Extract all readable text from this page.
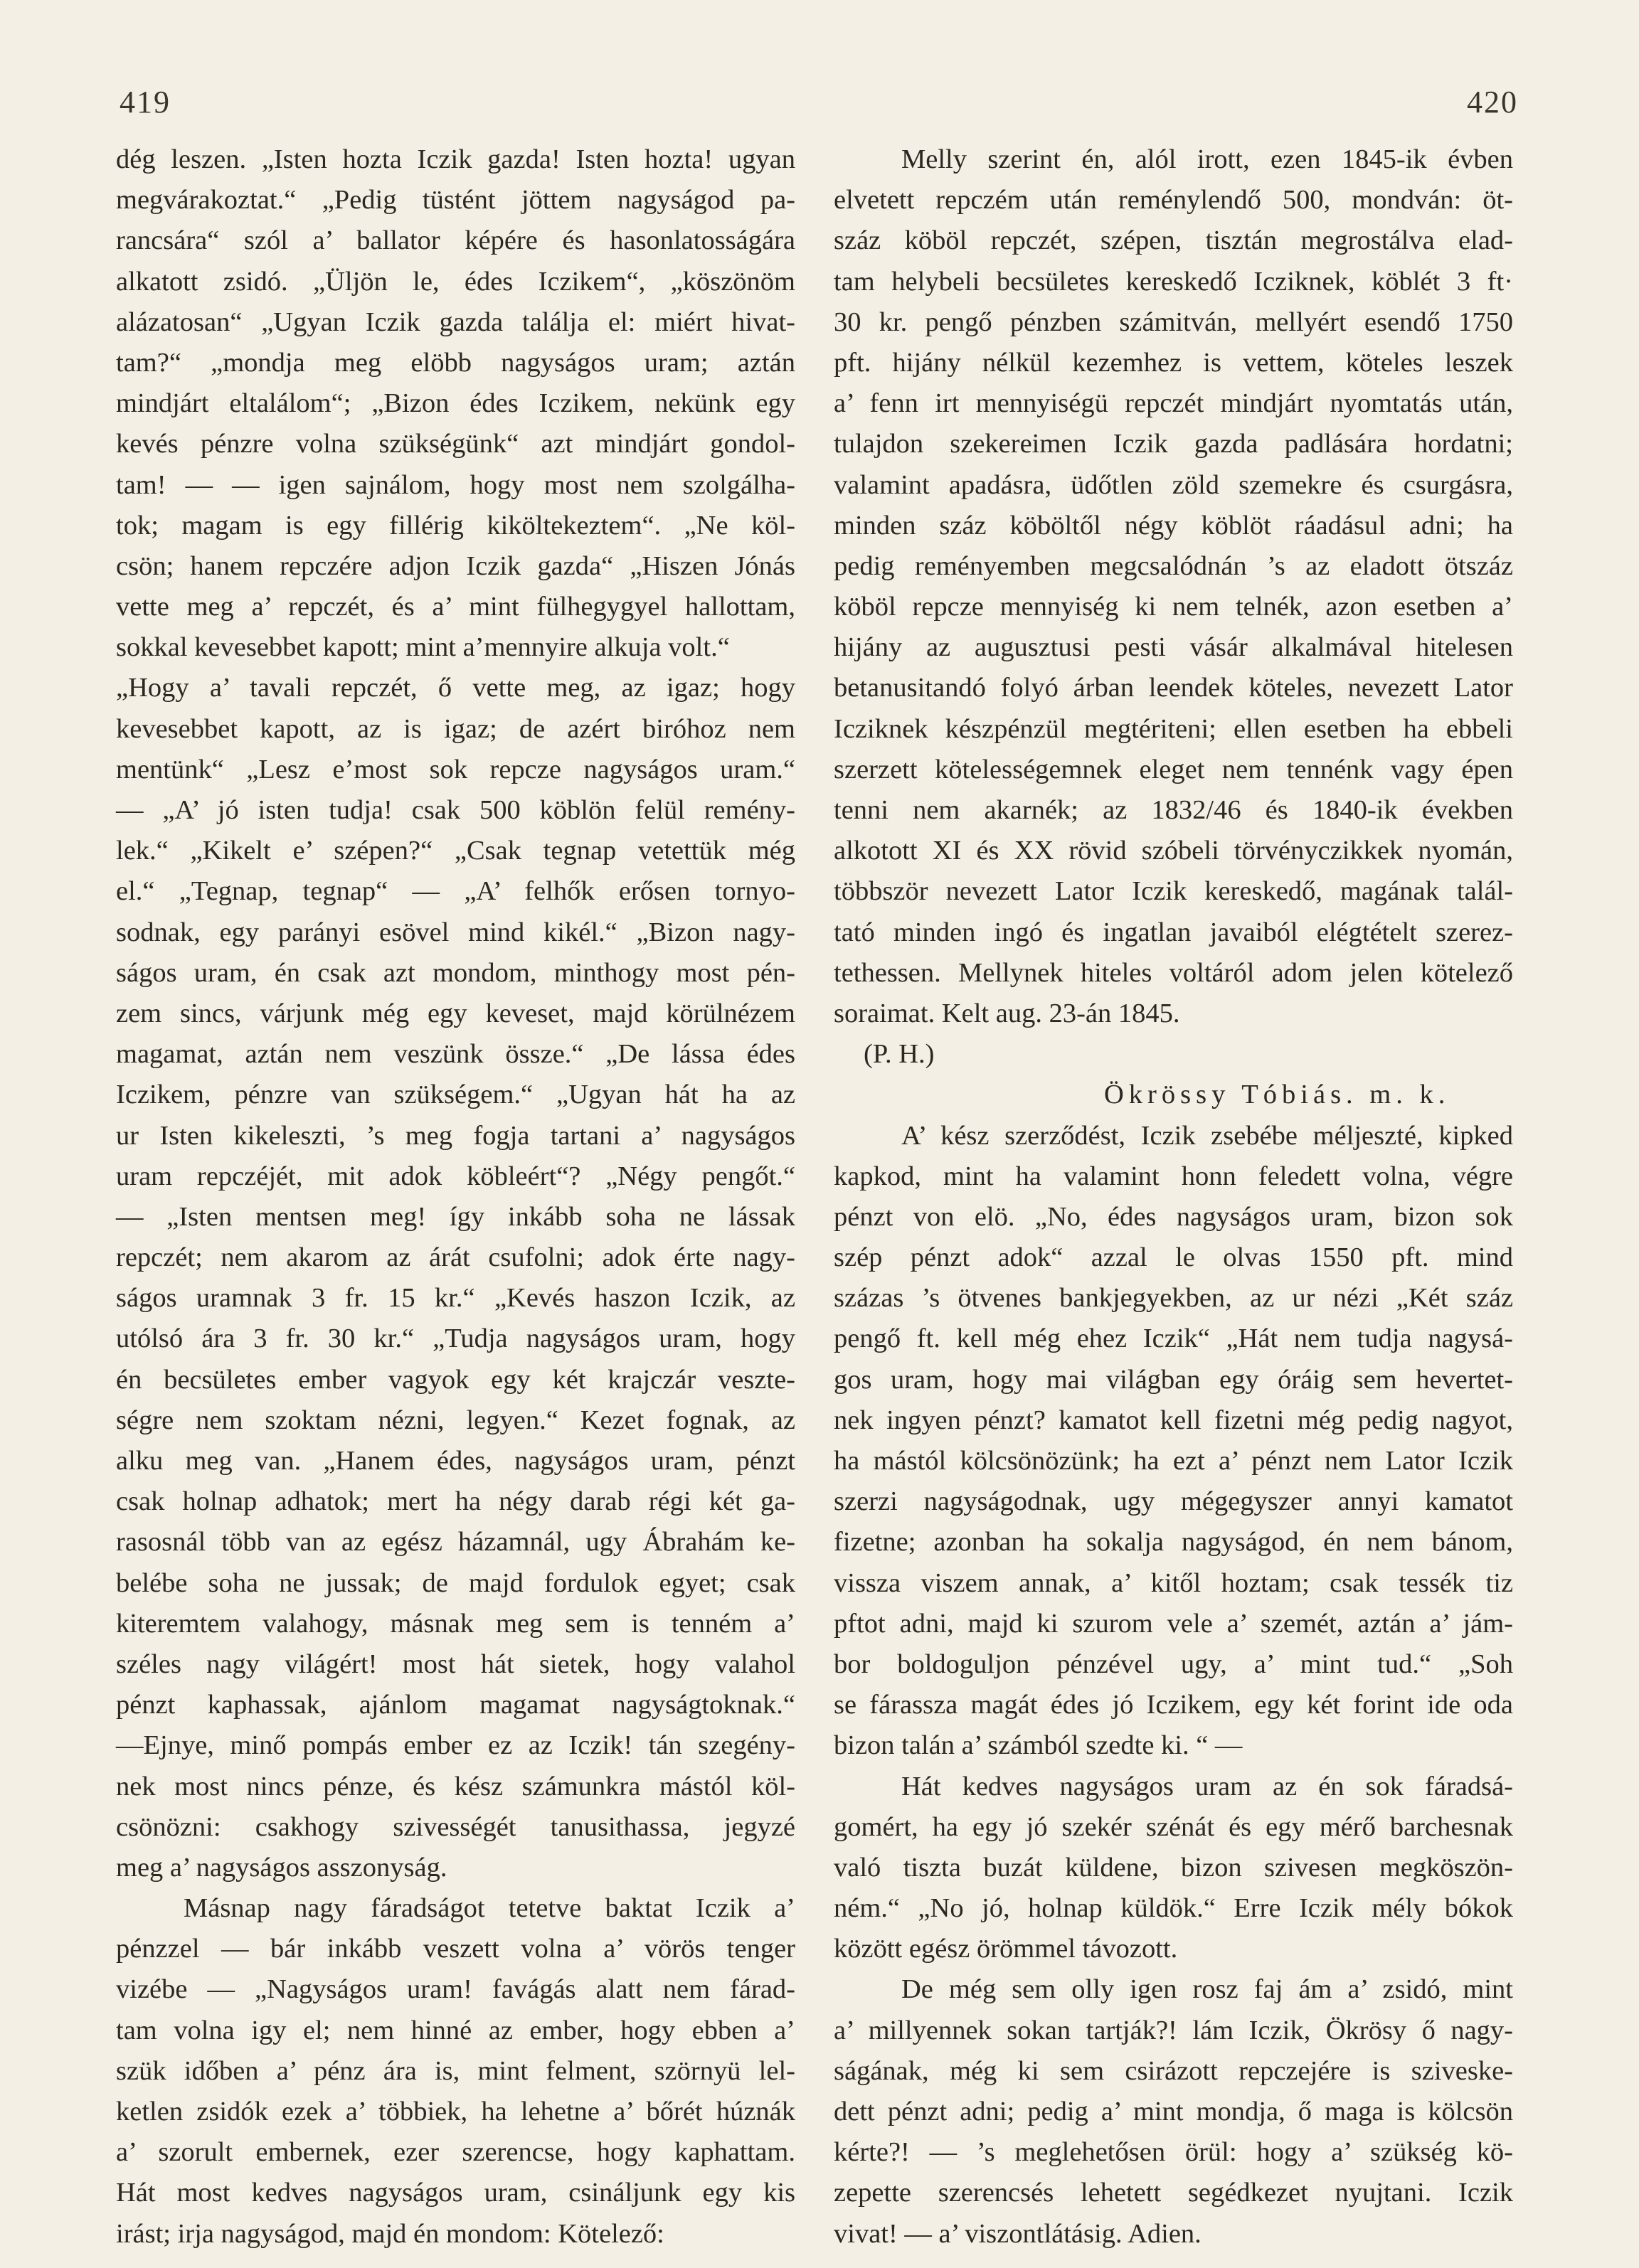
419	420
dég leszen. „Isten hozta Iczik gazda! Isten hozta! ugyan
megvárakoztat.“ „Pedig tüstént jöttem nagyságod pa-
rancsára“ szól a’ ballator képére és hasonlatosságára
alkatott zsidó. „Üljön le, édes Iczikem“, „köszönöm
alázatosan“ „Ugyan Iczik gazda találja el: miért hivat-
tam?“ „mondja meg elöbb nagyságos uram; aztán
mindjárt eltalálom“; „Bizon édes Iczikem, nekünk egy
kevés pénzre volna szükségünk“ azt mindjárt gondol-
tam! — — igen sajnálom, hogy most nem szolgálha-
tok; magam is egy fillérig kiköltekeztem“. „Ne köl-
csön; hanem repczére adjon Iczik gazda“ „Hiszen Jónás
vette meg a’ repczét, és a’ mint fülhegygyel hallottam,
sokkal kevesebbet kapott; mint a’mennyire alkuja volt.“
„Hogy a’ tavali repczét, ő vette meg, az igaz; hogy
kevesebbet kapott, az is igaz; de azért biróhoz nem
mentünk“ „Lesz e’most sok repcze nagyságos uram.“
— „A’ jó isten tudja! csak 500 köblön felül remény-
lek.“ „Kikelt e’ szépen?“ „Csak tegnap vetettük még
el.“ „Tegnap, tegnap“ — „A’ felhők erősen tornyo-
sodnak, egy parányi esövel mind kikél.“ „Bizon nagy-
ságos uram, én csak azt mondom, minthogy most pén-
zem sincs, várjunk még egy keveset, majd körülnézem
magamat, aztán nem veszünk össze.“ „De lássa édes
Iczikem, pénzre van szükségem.“ „Ugyan hát ha az
ur Isten kikeleszti, ’s meg fogja tartani a’ nagyságos
uram repczéjét, mit adok köbleért“? „Négy pengőt.“
— „Isten mentsen meg! így inkább soha ne lássak
repczét; nem akarom az árát csufolni; adok érte nagy-
ságos uramnak 3 fr. 15 kr.“ „Kevés haszon Iczik, az
utólsó ára 3 fr. 30 kr.“ „Tudja nagyságos uram, hogy
én becsületes ember vagyok egy két krajczár veszte-
ségre nem szoktam nézni, legyen.“ Kezet fognak, az
alku meg van. „Hanem édes, nagyságos uram, pénzt
csak holnap adhatok; mert ha négy darab régi két ga-
rasosnál több van az egész házamnál, ugy Ábrahám ke-
belébe soha ne jussak; de majd fordulok egyet; csak
kiteremtem valahogy, másnak meg sem is tenném a’
széles nagy világért! most hát sietek, hogy valahol
pénzt kaphassak, ajánlom magamat nagyságtoknak.“
—Ejnye, minő pompás ember ez az Iczik! tán szegény-
nek most nincs pénze, és kész számunkra mástól köl-
csönözni: csakhogy szivességét tanusithassa, jegyzé
meg a’ nagyságos asszonyság.
Másnap nagy fáradságot tetetve baktat Iczik a’
pénzzel — bár inkább veszett volna a’ vörös tenger
vizébe — „Nagyságos uram! favágás alatt nem fárad-
tam volna igy el; nem hinné az ember, hogy ebben a’
szük időben a’ pénz ára is, mint felment, szörnyü lel-
ketlen zsidók ezek a’ többiek, ha lehetne a’ bőrét húznák
a’ szorult embernek, ezer szerencse, hogy kaphattam.
Hát most kedves nagyságos uram, csináljunk egy kis
irást; irja nagyságod, majd én mondom: Kötelező:
Melly szerint én, alól irott, ezen 1845-ik évben
elvetett repczém után reménylendő 500, mondván: öt-
száz köböl repczét, szépen, tisztán megrostálva elad-
tam helybeli becsületes kereskedő Icziknek, köblét 3 ft·
30 kr. pengő pénzben számitván, mellyért esendő 1750
pft. hijány nélkül kezemhez is vettem, köteles leszek
a’ fenn irt mennyiségü repczét mindjárt nyomtatás után,
tulajdon szekereimen Iczik gazda padlására hordatni;
valamint apadásra, üdőtlen zöld szemekre és csurgásra,
minden száz köböltől négy köblöt ráadásul adni; ha
pedig reményemben megcsalódnán ’s az eladott ötszáz
köböl repcze mennyiség ki nem telnék, azon esetben a’
hijány az augusztusi pesti vásár alkalmával hitelesen
betanusitandó folyó árban leendek köteles, nevezett Lator
Icziknek készpénzül megtériteni; ellen esetben ha ebbeli
szerzett kötelességemnek eleget nem tennénk vagy épen
tenni nem akarnék; az 1832/46 és 1840-ik években
alkotott XI és XX rövid szóbeli törvényczikkek nyomán,
többször nevezett Lator Iczik kereskedő, magának talál-
tató minden ingó és ingatlan javaiból elégtételt szerez-
tethessen. Mellynek hiteles voltáról adom jelen kötelező
soraimat. Kelt aug. 23-án 1845.
(P. H.)
Ökrössy Tóbiás. m. k.
A’ kész szerződést, Iczik zsebébe méljeszté, kipked
kapkod, mint ha valamint honn feledett volna, végre
pénzt von elö. „No, édes nagyságos uram, bizon sok
szép pénzt adok“ azzal le olvas 1550 pft. mind
százas ’s ötvenes bankjegyekben, az ur nézi „Két száz
pengő ft. kell még ehez Iczik“ „Hát nem tudja nagysá-
gos uram, hogy mai világban egy óráig sem hevertet-
nek ingyen pénzt? kamatot kell fizetni még pedig nagyot,
ha mástól kölcsönözünk; ha ezt a’ pénzt nem Lator Iczik
szerzi nagyságodnak, ugy mégegyszer annyi kamatot
fizetne; azonban ha sokalja nagyságod, én nem bánom,
vissza viszem annak, a’ kitől hoztam; csak tessék tiz
pftot adni, majd ki szurom vele a’ szemét, aztán a’ jám-
bor boldoguljon pénzével ugy, a’ mint tud.“ „Soh
se fárassza magát édes jó Iczikem, egy két forint ide oda
bizon talán a’ számból szedte ki. “ —
Hát kedves nagyságos uram az én sok fáradsá-
gomért, ha egy jó szekér szénát és egy mérő barchesnak
való tiszta buzát küldene, bizon szivesen megköszön-
ném.“ „No jó, holnap küldök.“ Erre Iczik mély bókok
között egész örömmel távozott.
De még sem olly igen rosz faj ám a’ zsidó, mint
a’ millyennek sokan tartják?! lám Iczik, Ökrösy ő nagy-
ságának, még ki sem csirázott repczejére is sziveske-
dett pénzt adni; pedig a’ mint mondja, ő maga is kölcsön
kérte?! — ’s meglehetősen örül: hogy a’ szükség kö-
zepette szerencsés lehetett segédkezet nyujtani. Iczik
vivat! — a’ viszontlátásig. Adien.
